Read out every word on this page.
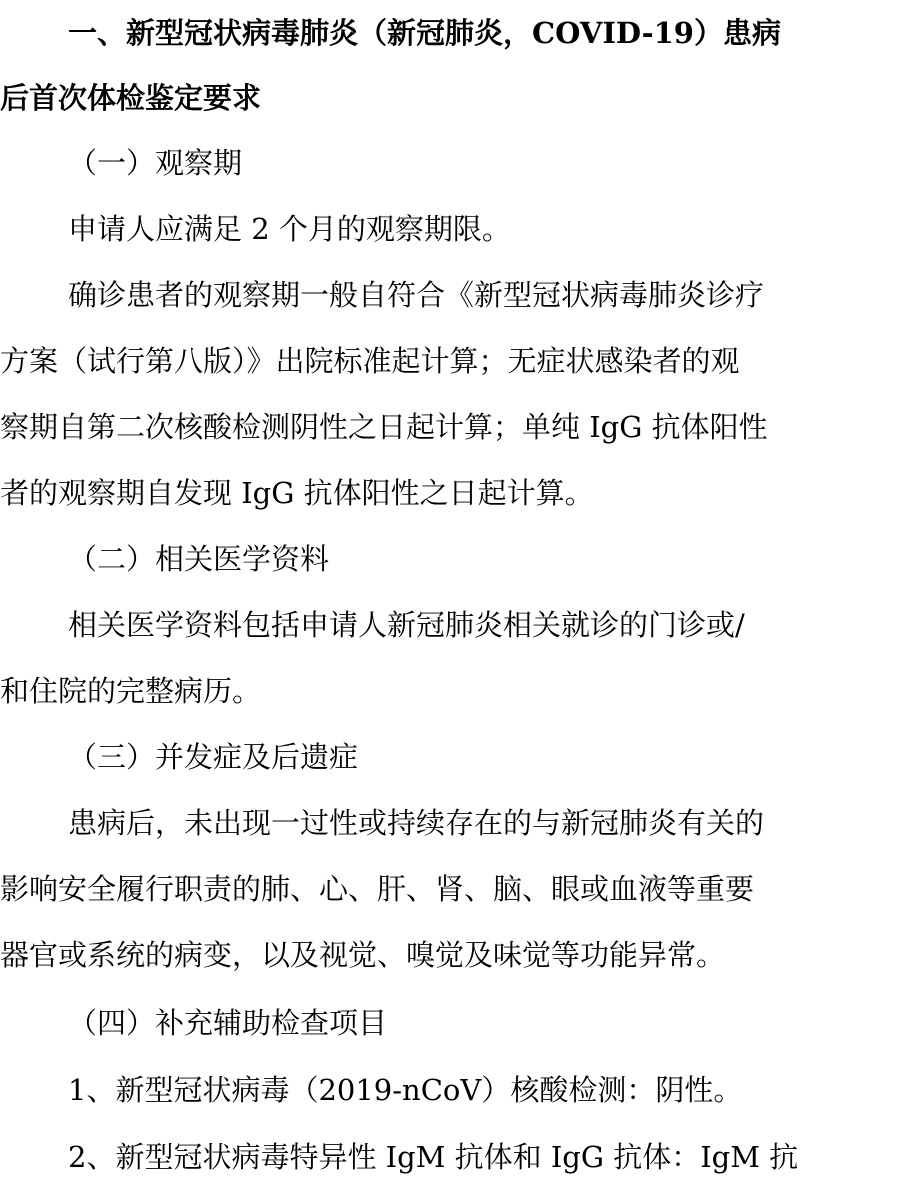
一、新型冠状病毒肺炎（新冠肺炎，COVID-19）患病
后首次体检鉴定要求
（一）观察期
申请人应满足 2 个月的观察期限。
确诊患者的观察期一般自符合《新型冠状病毒肺炎诊疗
方案（试行第八版）》出院标准起计算；无症状感染者的观
察期自第二次核酸检测阴性之日起计算；单纯 IgG 抗体阳性
者的观察期自发现 IgG 抗体阳性之日起计算。
（二）相关医学资料
相关医学资料包括申请人新冠肺炎相关就诊的门诊或/
和住院的完整病历。
（三）并发症及后遗症
患病后，未出现一过性或持续存在的与新冠肺炎有关的
影响安全履行职责的肺、心、肝、肾、脑、眼或血液等重要
器官或系统的病变，以及视觉、嗅觉及味觉等功能异常。
（四）补充辅助检查项目
1、新型冠状病毒（2019-nCoV）核酸检测：阴性。
2、新型冠状病毒特异性 IgM 抗体和 IgG 抗体：IgM 抗
